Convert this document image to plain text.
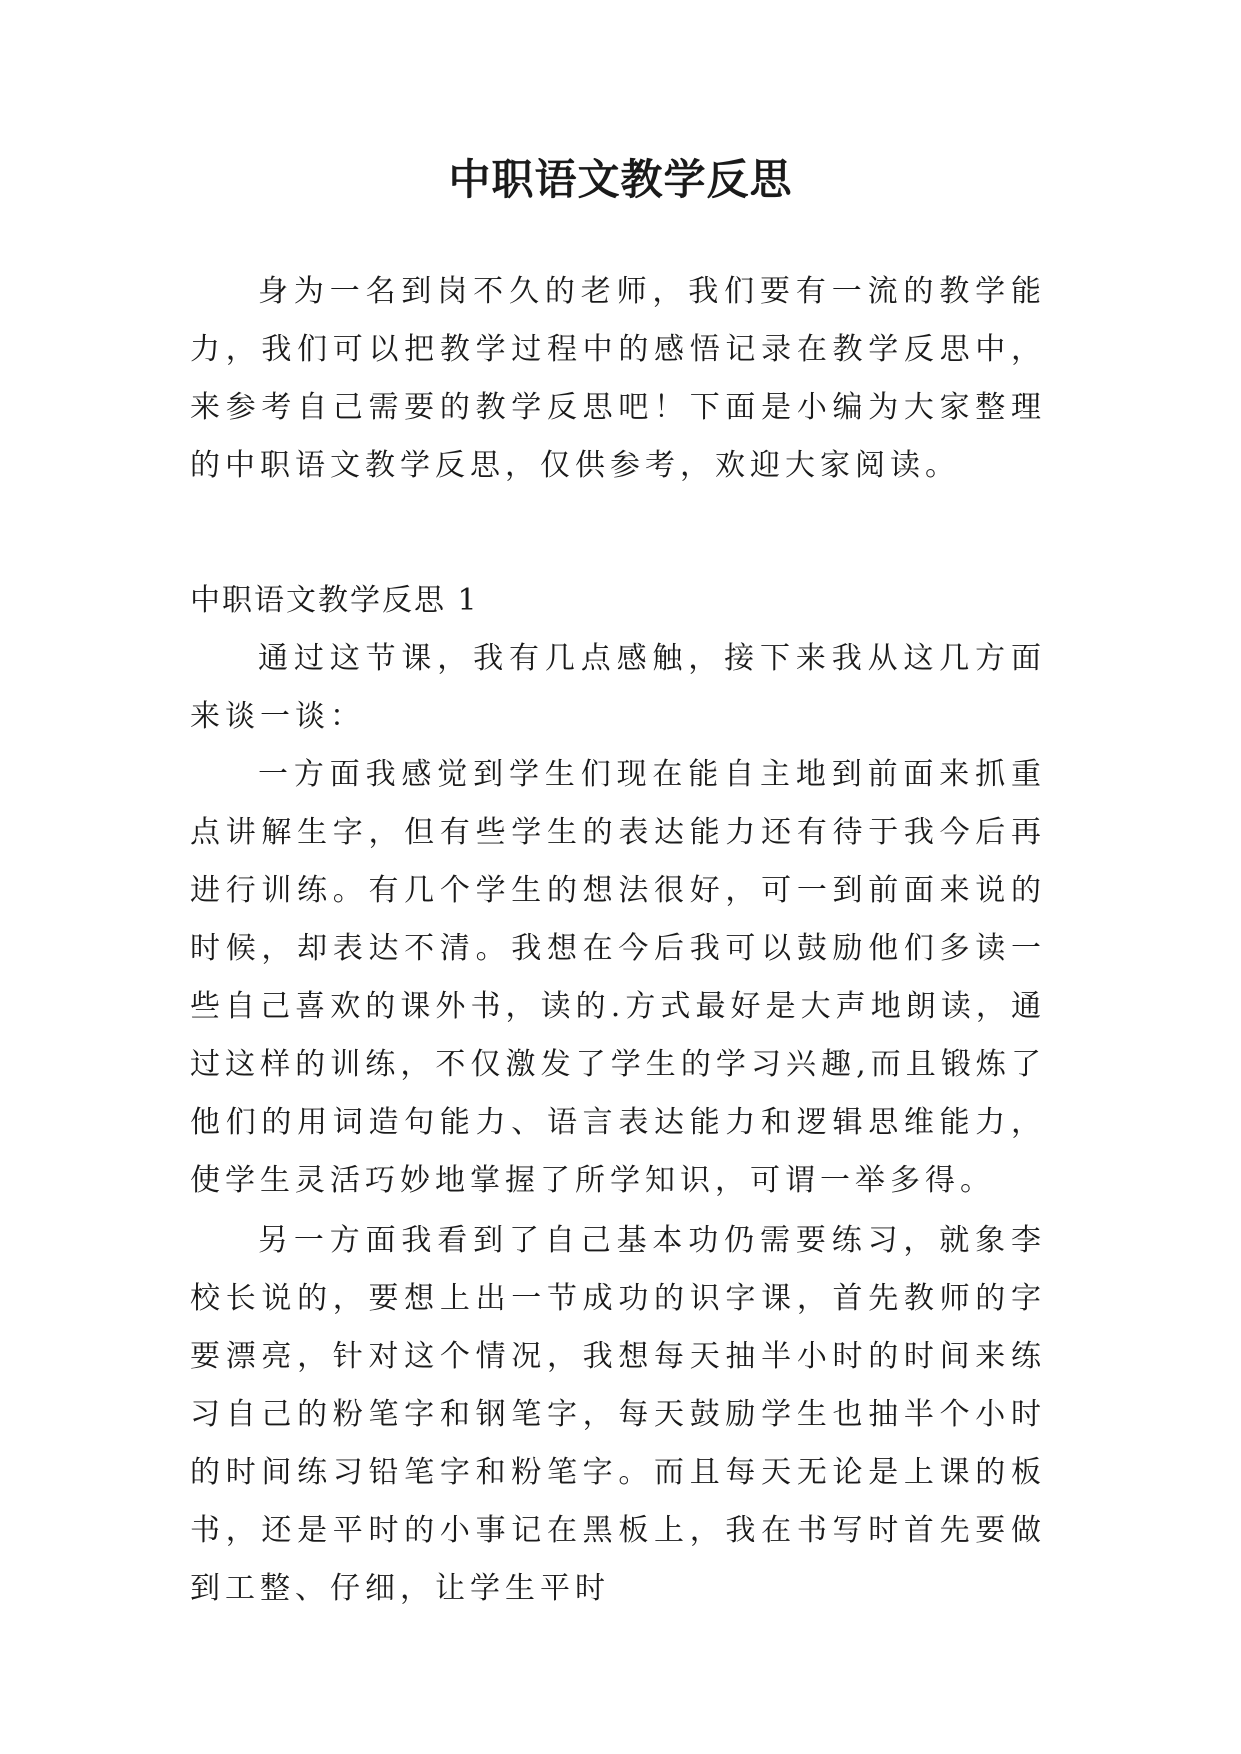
中职语文教学反思

身为一名到岗不久的老师，我们要有一流的教学能力，我们可以把教学过程中的感悟记录在教学反思中，来参考自己需要的教学反思吧！下面是小编为大家整理的中职语文教学反思，仅供参考，欢迎大家阅读。

中职语文教学反思 1

通过这节课，我有几点感触，接下来我从这几方面来谈一谈：

一方面我感觉到学生们现在能自主地到前面来抓重点讲解生字，但有些学生的表达能力还有待于我今后再进行训练。有几个学生的想法很好，可一到前面来说的时候，却表达不清。我想在今后我可以鼓励他们多读一些自己喜欢的课外书，读的.方式最好是大声地朗读，通过这样的训练，不仅激发了学生的学习兴趣,而且锻炼了他们的用词造句能力、语言表达能力和逻辑思维能力，使学生灵活巧妙地掌握了所学知识，可谓一举多得。

另一方面我看到了自己基本功仍需要练习，就象李校长说的，要想上出一节成功的识字课，首先教师的字要漂亮，针对这个情况，我想每天抽半小时的时间来练习自己的粉笔字和钢笔字，每天鼓励学生也抽半个小时的时间练习铅笔字和粉笔字。而且每天无论是上课的板书，还是平时的小事记在黑板上，我在书写时首先要做到工整、仔细，让学生平时
